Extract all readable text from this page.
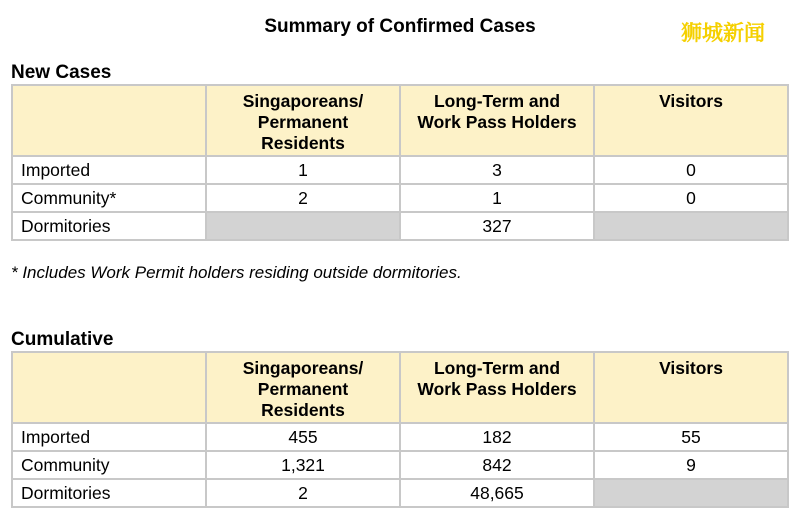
狮城新闻
Summary of Confirmed Cases
New Cases
	Singaporeans/
Permanent
Residents	Long-Term and
Work Pass Holders	Visitors
Imported	1	3	0
Community*	2	1	0
Dormitories		327	
* Includes Work Permit holders residing outside dormitories.
Cumulative
	Singaporeans/
Permanent
Residents	Long-Term and
Work Pass Holders	Visitors
Imported	455	182	55
Community	1,321	842	9
Dormitories	2	48,665	
